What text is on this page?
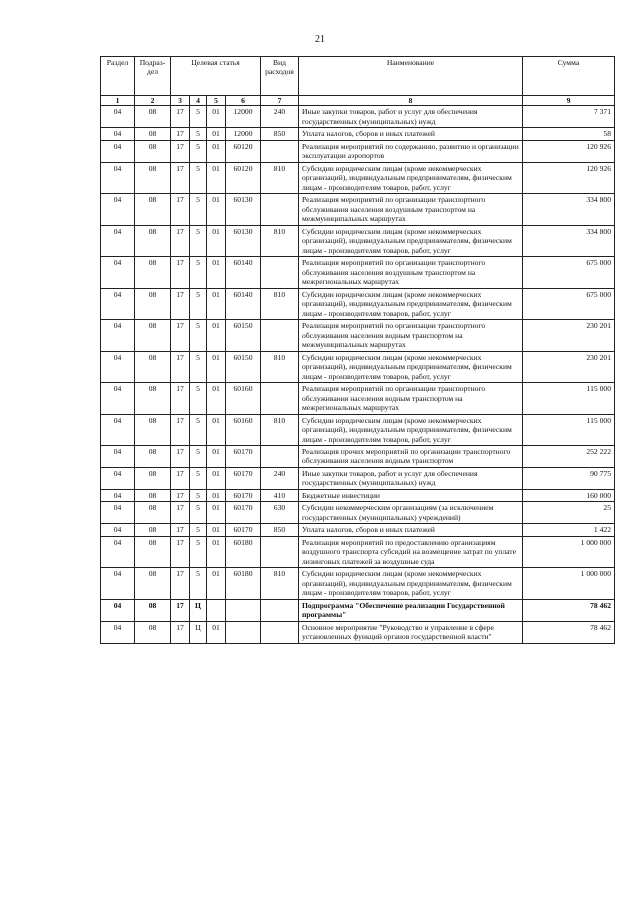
21
Раздел	Подраз-дел	Целевая статья				Вид расходов	Наименование	Сумма
1	2	3	4	5	6	7	8	9
04	08	17	5	01	12000	240	Иные закупки товаров, работ и услуг для обеспечения государственных (муниципальных) нужд	7 371
04	08	17	5	01	12000	850	Уплата налогов, сборов и иных платежей	58
04	08	17	5	01	60120		Реализация мероприятий по содержанию, развитию и организации эксплуатации аэропортов	120 926
04	08	17	5	01	60120	810	Субсидии юридическим лицам (кроме некоммерческих организаций), индивидуальным предпринимателям, физическим лицам - производителям товаров, работ, услуг	120 926
04	08	17	5	01	60130		Реализация мероприятий по организации транспортного обслуживания населения воздушным транспортом на межмуниципальных маршрутах	334 800
04	08	17	5	01	60130	810	Субсидии юридическим лицам (кроме некоммерческих организаций), индивидуальным предпринимателям, физическим лицам - производителям товаров, работ, услуг	334 800
04	08	17	5	01	60140		Реализация мероприятий по организации транспортного обслуживания населения воздушным транспортом на межрегиональных маршрутах	675 000
04	08	17	5	01	60140	810	Субсидии юридическим лицам (кроме некоммерческих организаций), индивидуальным предпринимателям, физическим лицам - производителям товаров, работ, услуг	675 000
04	08	17	5	01	60150		Реализация мероприятий по организации транспортного обслуживания населения водным транспортом на межмуниципальных маршрутах	230 201
04	08	17	5	01	60150	810	Субсидии юридическим лицам (кроме некоммерческих организаций), индивидуальным предпринимателям, физическим лицам - производителям товаров, работ, услуг	230 201
04	08	17	5	01	60160		Реализация мероприятий по организации транспортного обслуживания населения водным транспортом на межрегиональных маршрутах	115 000
04	08	17	5	01	60160	810	Субсидии юридическим лицам (кроме некоммерческих организаций), индивидуальным предпринимателям, физическим лицам - производителям товаров, работ, услуг	115 000
04	08	17	5	01	60170		Реализация прочих мероприятий по организации транспортного обслуживания населения водным транспортом	252 222
04	08	17	5	01	60170	240	Иные закупки товаров, работ и услуг для обеспечения государственных (муниципальных) нужд	90 775
04	08	17	5	01	60170	410	Бюджетные инвестиции	160 000
04	08	17	5	01	60170	630	Субсидии некоммерческим организациям (за исключением государственных (муниципальных) учреждений)	25
04	08	17	5	01	60170	850	Уплата налогов, сборов и иных платежей	1 422
04	08	17	5	01	60180		Реализация мероприятий по предоставлению организациям воздушного транспорта субсидий на возмещение затрат по уплате лизинговых платежей за воздушные суда	1 000 000
04	08	17	5	01	60180	810	Субсидии юридическим лицам (кроме некоммерческих организаций), индивидуальным предпринимателям, физическим лицам - производителям товаров, работ, услуг	1 000 000
04	08	17	Ц				Подпрограмма "Обеспечение реализации Государственной программы"	78 462
04	08	17	Ц	01			Основное мероприятие "Руководство и управление в сфере установленных функций органов государственной власти"	78 462
